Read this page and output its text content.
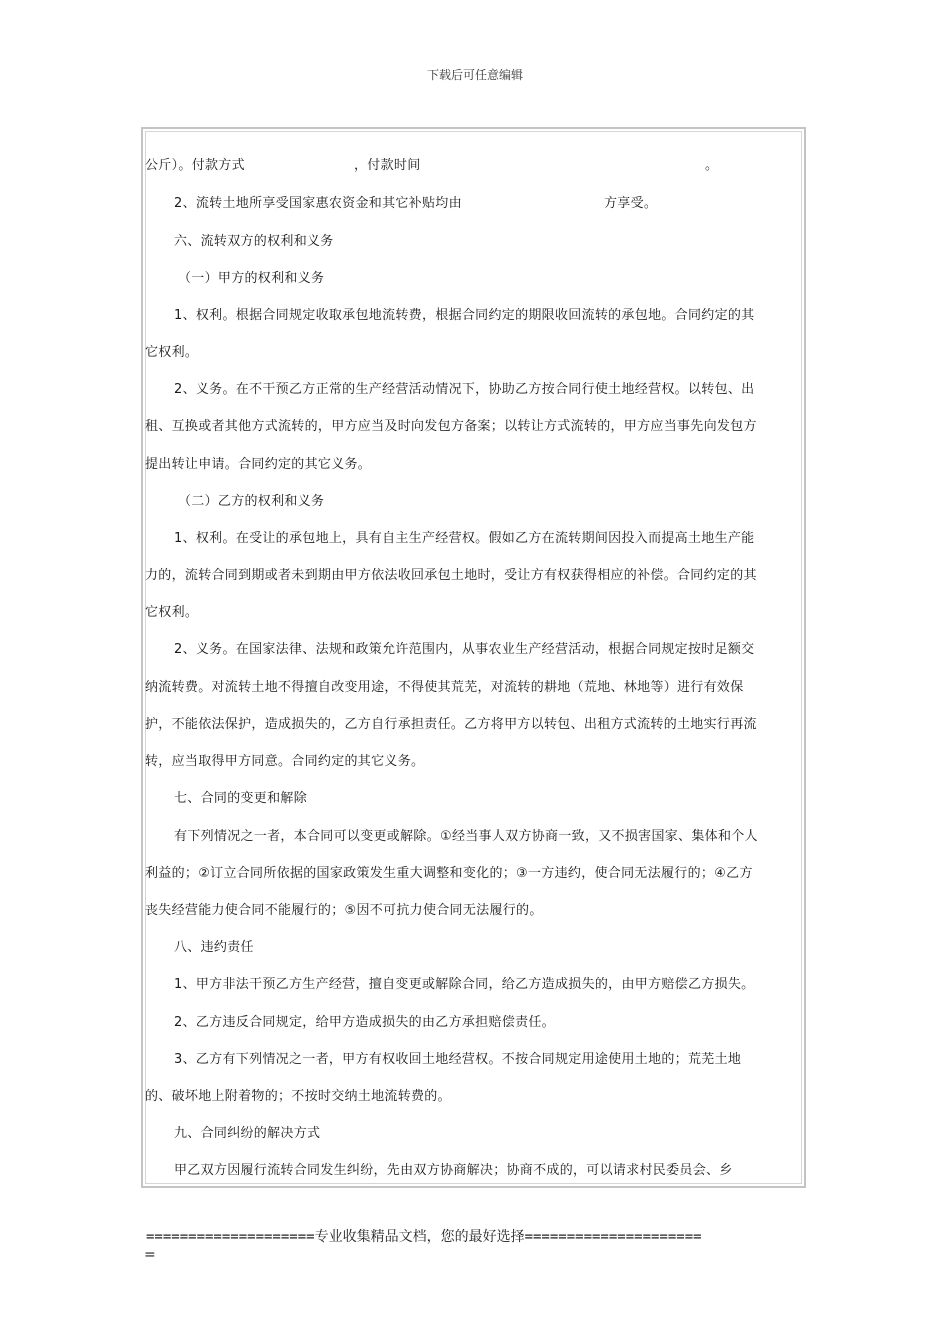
下载后可任意编辑
公斤）。付款方式	，付款时间	。
2、流转土地所享受国家惠农资金和其它补贴均由	方享受。
六、流转双方的权利和义务
（一）甲方的权利和义务
1、权利。根据合同规定收取承包地流转费，根据合同约定的期限收回流转的承包地。合同约定的其
它权利。
2、义务。在不干预乙方正常的生产经营活动情况下，协助乙方按合同行使土地经营权。以转包、出
租、互换或者其他方式流转的，甲方应当及时向发包方备案；以转让方式流转的，甲方应当事先向发包方
提出转让申请。合同约定的其它义务。
（二）乙方的权利和义务
1、权利。在受让的承包地上，具有自主生产经营权。假如乙方在流转期间因投入而提高土地生产能
力的，流转合同到期或者未到期由甲方依法收回承包土地时，受让方有权获得相应的补偿。合同约定的其
它权利。
2、义务。在国家法律、法规和政策允许范围内，从事农业生产经营活动，根据合同规定按时足额交
纳流转费。对流转土地不得擅自改变用途，不得使其荒芜，对流转的耕地（荒地、林地等）进行有效保
护，不能依法保护，造成损失的，乙方自行承担责任。乙方将甲方以转包、出租方式流转的土地实行再流
转，应当取得甲方同意。合同约定的其它义务。
七、合同的变更和解除
有下列情况之一者，本合同可以变更或解除。①经当事人双方协商一致，又不损害国家、集体和个人
利益的；②订立合同所依据的国家政策发生重大调整和变化的；③一方违约，使合同无法履行的；④乙方
丧失经营能力使合同不能履行的；⑤因不可抗力使合同无法履行的。
八、违约责任
1、甲方非法干预乙方生产经营，擅自变更或解除合同，给乙方造成损失的，由甲方赔偿乙方损失。
2、乙方违反合同规定，给甲方造成损失的由乙方承担赔偿责任。
3、乙方有下列情况之一者，甲方有权收回土地经营权。不按合同规定用途使用土地的；荒芜土地
的、破坏地上附着物的；不按时交纳土地流转费的。
九、合同纠纷的解决方式
甲乙双方因履行流转合同发生纠纷，先由双方协商解决；协商不成的，可以请求村民委员会、乡
====================专业收集精品文档，您的最好选择=====================
=
